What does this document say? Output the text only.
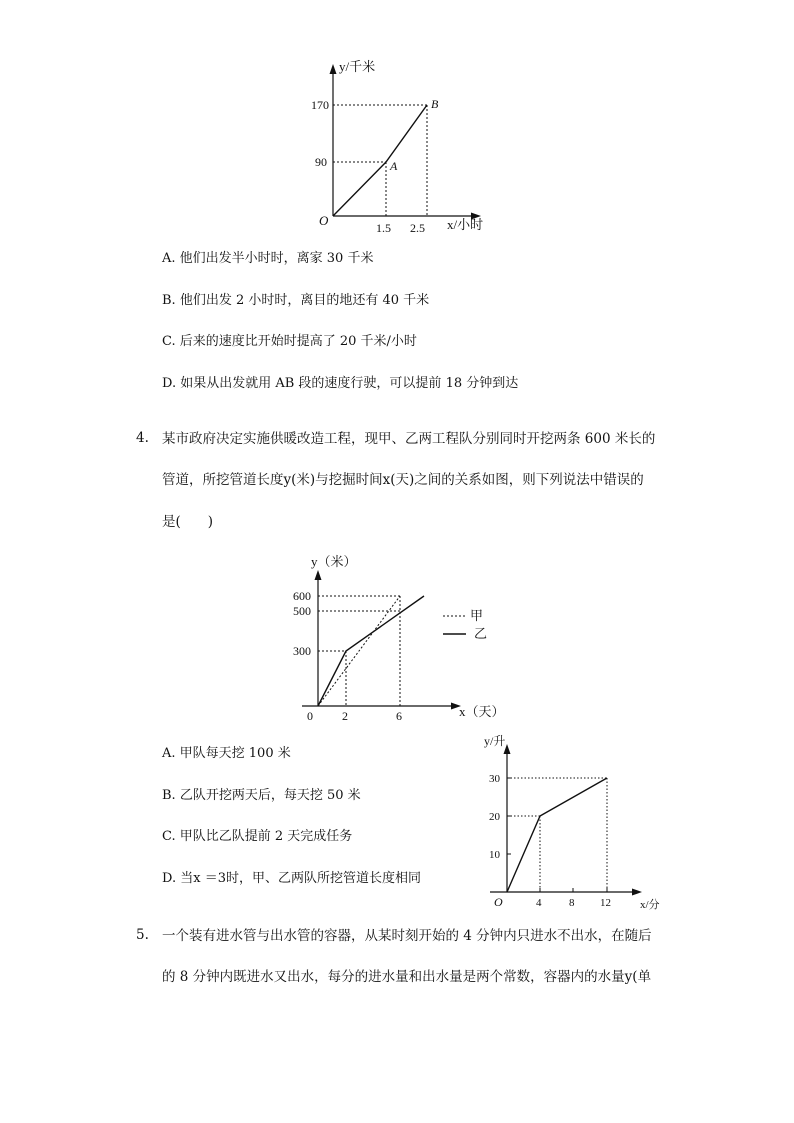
y/千米
170
90
O	1.5 2.5 x/小时
A
B
A. 他们出发半小时时，离家 30 千米
B. 他们出发 2 小时时，离目的地还有 40 千米
C. 后来的速度比开始时提高了 20 千米/小时
D. 如果从出发就用 AB 段的速度行驶，可以提前 18 分钟到达
4. 某市政府决定实施供暖改造工程，现甲、乙两工程队分别同时开挖两条 600 米长的
管道，所挖管道长度y(米)与挖掘时间x(天)之间的关系如图，则下列说法中错误的
是(　　)
y（米）
600
500
300
0 2	6	x（天）
甲
乙
A. 甲队每天挖 100 米
B. 乙队开挖两天后，每天挖 50 米
C. 甲队比乙队提前 2 天完成任务
D. 当x ＝3时，甲、乙两队所挖管道长度相同
y/升
30
20
10
O	4	8 12	x/分
5. 一个装有进水管与出水管的容器，从某时刻开始的 4 分钟内只进水不出水，在随后
的 8 分钟内既进水又出水，每分的进水量和出水量是两个常数，容器内的水量y(单
